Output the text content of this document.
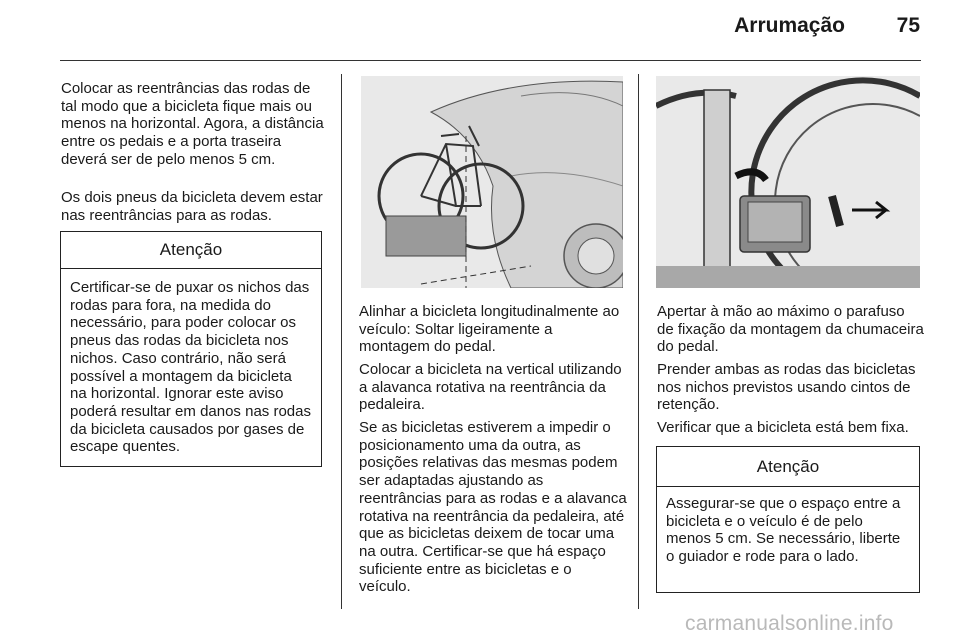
Arrumação	75

Colocar as reentrâncias das rodas de tal modo que a bicicleta fique mais ou menos na horizontal. Agora, a distância entre os pedais e a porta traseira deverá ser de pelo menos 5 cm.

Os dois pneus da bicicleta devem estar nas reentrâncias para as rodas.

Atenção
Certificar-se de puxar os nichos das rodas para fora, na medida do necessário, para poder colocar os pneus das rodas da bicicleta nos nichos. Caso contrário, não será possível a montagem da bicicleta na horizontal. Ignorar este aviso poderá resultar em danos nas rodas da bicicleta causados por gases de escape quentes.

Alinhar a bicicleta longitudinalmente ao veículo: Soltar ligeiramente a montagem do pedal.

Colocar a bicicleta na vertical utilizando a alavanca rotativa na reentrância da pedaleira.

Se as bicicletas estiverem a impedir o posicionamento uma da outra, as posições relativas das mesmas podem ser adaptadas ajustando as reentrâncias para as rodas e a alavanca rotativa na reentrância da pedaleira, até que as bicicletas deixem de tocar uma na outra. Certificar-se que há espaço suficiente entre as bicicletas e o veículo.

Apertar à mão ao máximo o parafuso de fixação da montagem da chumaceira do pedal.

Prender ambas as rodas das bicicletas nos nichos previstos usando cintos de retenção.

Verificar que a bicicleta está bem fixa.

Atenção
Assegurar-se que o espaço entre a bicicleta e o veículo é de pelo menos 5 cm. Se necessário, liberte o guiador e rode para o lado.
carmanualsonline.info
